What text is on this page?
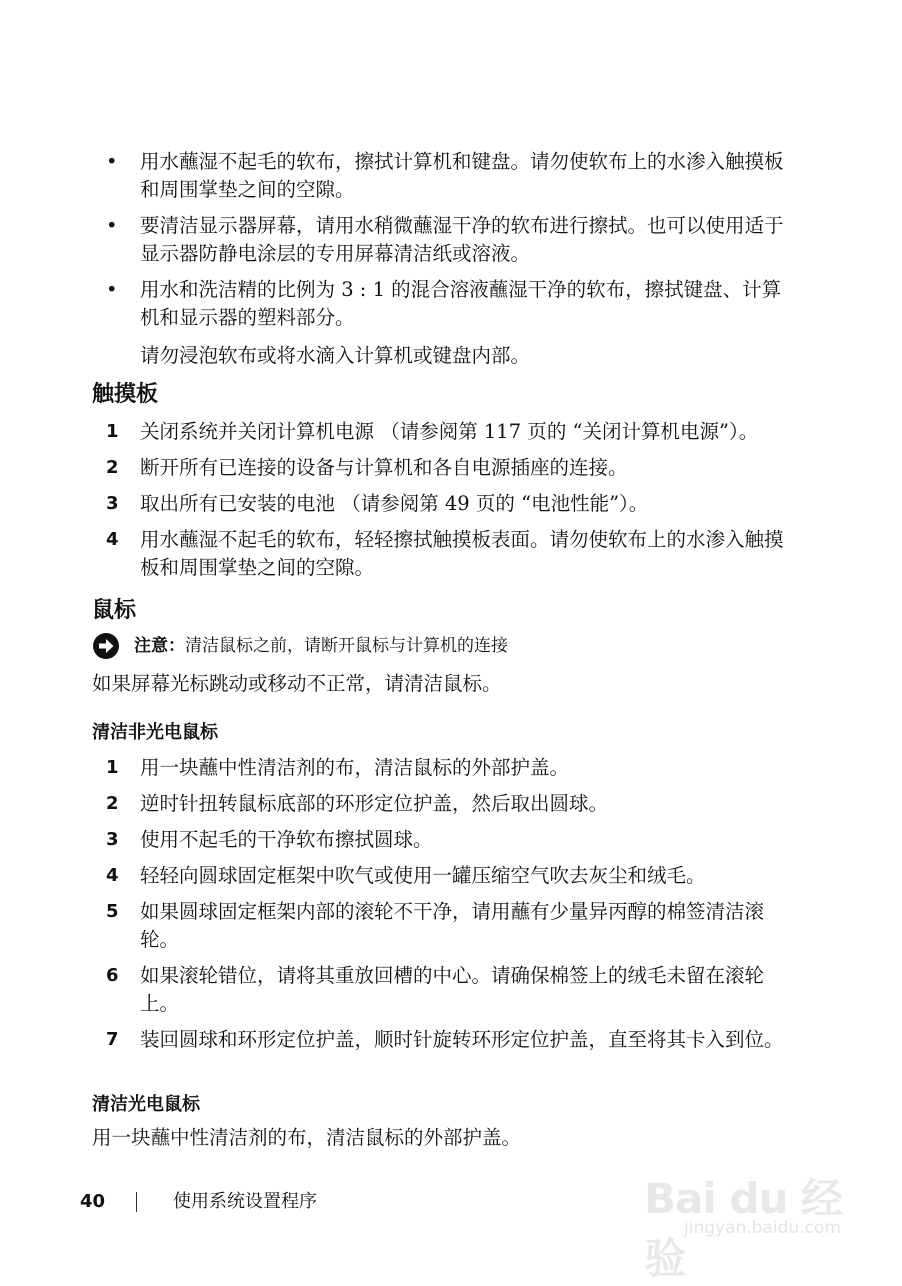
• 用水蘸湿不起毛的软布，擦拭计算机和键盘。请勿使软布上的水渗入触摸板和周围掌垫之间的空隙。
• 要清洁显示器屏幕，请用水稍微蘸湿干净的软布进行擦拭。也可以使用适于显示器防静电涂层的专用屏幕清洁纸或溶液。
• 用水和洗洁精的比例为 3 : 1 的混合溶液蘸湿干净的软布，擦拭键盘、计算机和显示器的塑料部分。
请勿浸泡软布或将水滴入计算机或键盘内部。
触摸板
1 关闭系统并关闭计算机电源 （请参阅第 117 页的 “关闭计算机电源”）。
2 断开所有已连接的设备与计算机和各自电源插座的连接。
3 取出所有已安装的电池 （请参阅第 49 页的 “电池性能”）。
4 用水蘸湿不起毛的软布，轻轻擦拭触摸板表面。请勿使软布上的水渗入触摸板和周围掌垫之间的空隙。
鼠标
注意： 清洁鼠标之前，请断开鼠标与计算机的连接

如果屏幕光标跳动或移动不正常，请清洁鼠标。

清洁非光电鼠标
1 用一块蘸中性清洁剂的布，清洁鼠标的外部护盖。
2 逆时针扭转鼠标底部的环形定位护盖，然后取出圆球。
3 使用不起毛的干净软布擦拭圆球。
4 轻轻向圆球固定框架中吹气或使用一罐压缩空气吹去灰尘和绒毛。
5 如果圆球固定框架内部的滚轮不干净，请用蘸有少量异丙醇的棉签清洁滚轮。
6 如果滚轮错位，请将其重放回槽的中心。请确保棉签上的绒毛未留在滚轮上。
7 装回圆球和环形定位护盖，顺时针旋转环形定位护盖，直至将其卡入到位。
清洁光电鼠标

用一块蘸中性清洁剂的布，清洁鼠标的外部护盖。

40	使用系统设置程序	Bai du 经验
jingyan.baidu.com
